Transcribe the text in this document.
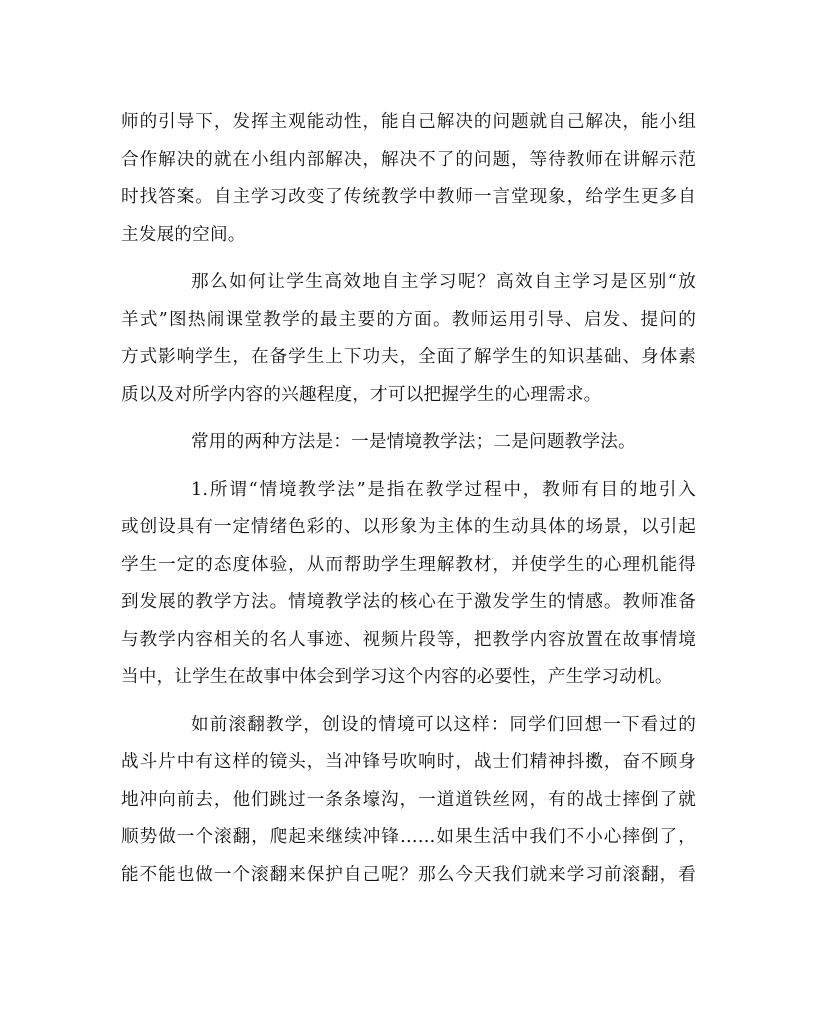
师的引导下，发挥主观能动性，能自己解决的问题就自己解决，能小组
合作解决的就在小组内部解决，解决不了的问题，等待教师在讲解示范
时找答案。自主学习改变了传统教学中教师一言堂现象，给学生更多自
主发展的空间。
那么如何让学生高效地自主学习呢？高效自主学习是区别“放
羊式”图热闹课堂教学的最主要的方面。教师运用引导、启发、提问的
方式影响学生，在备学生上下功夫，全面了解学生的知识基础、身体素
质以及对所学内容的兴趣程度，才可以把握学生的心理需求。
常用的两种方法是：一是情境教学法；二是问题教学法。
1.所谓“情境教学法”是指在教学过程中，教师有目的地引入
或创设具有一定情绪色彩的、以形象为主体的生动具体的场景，以引起
学生一定的态度体验，从而帮助学生理解教材，并使学生的心理机能得
到发展的教学方法。情境教学法的核心在于激发学生的情感。教师准备
与教学内容相关的名人事迹、视频片段等，把教学内容放置在故事情境
当中，让学生在故事中体会到学习这个内容的必要性，产生学习动机。
如前滚翻教学，创设的情境可以这样：同学们回想一下看过的
战斗片中有这样的镜头，当冲锋号吹响时，战士们精神抖擞，奋不顾身
地冲向前去，他们跳过一条条壕沟，一道道铁丝网，有的战士摔倒了就
顺势做一个滚翻，爬起来继续冲锋……如果生活中我们不小心摔倒了，
能不能也做一个滚翻来保护自己呢？那么今天我们就来学习前滚翻，看
